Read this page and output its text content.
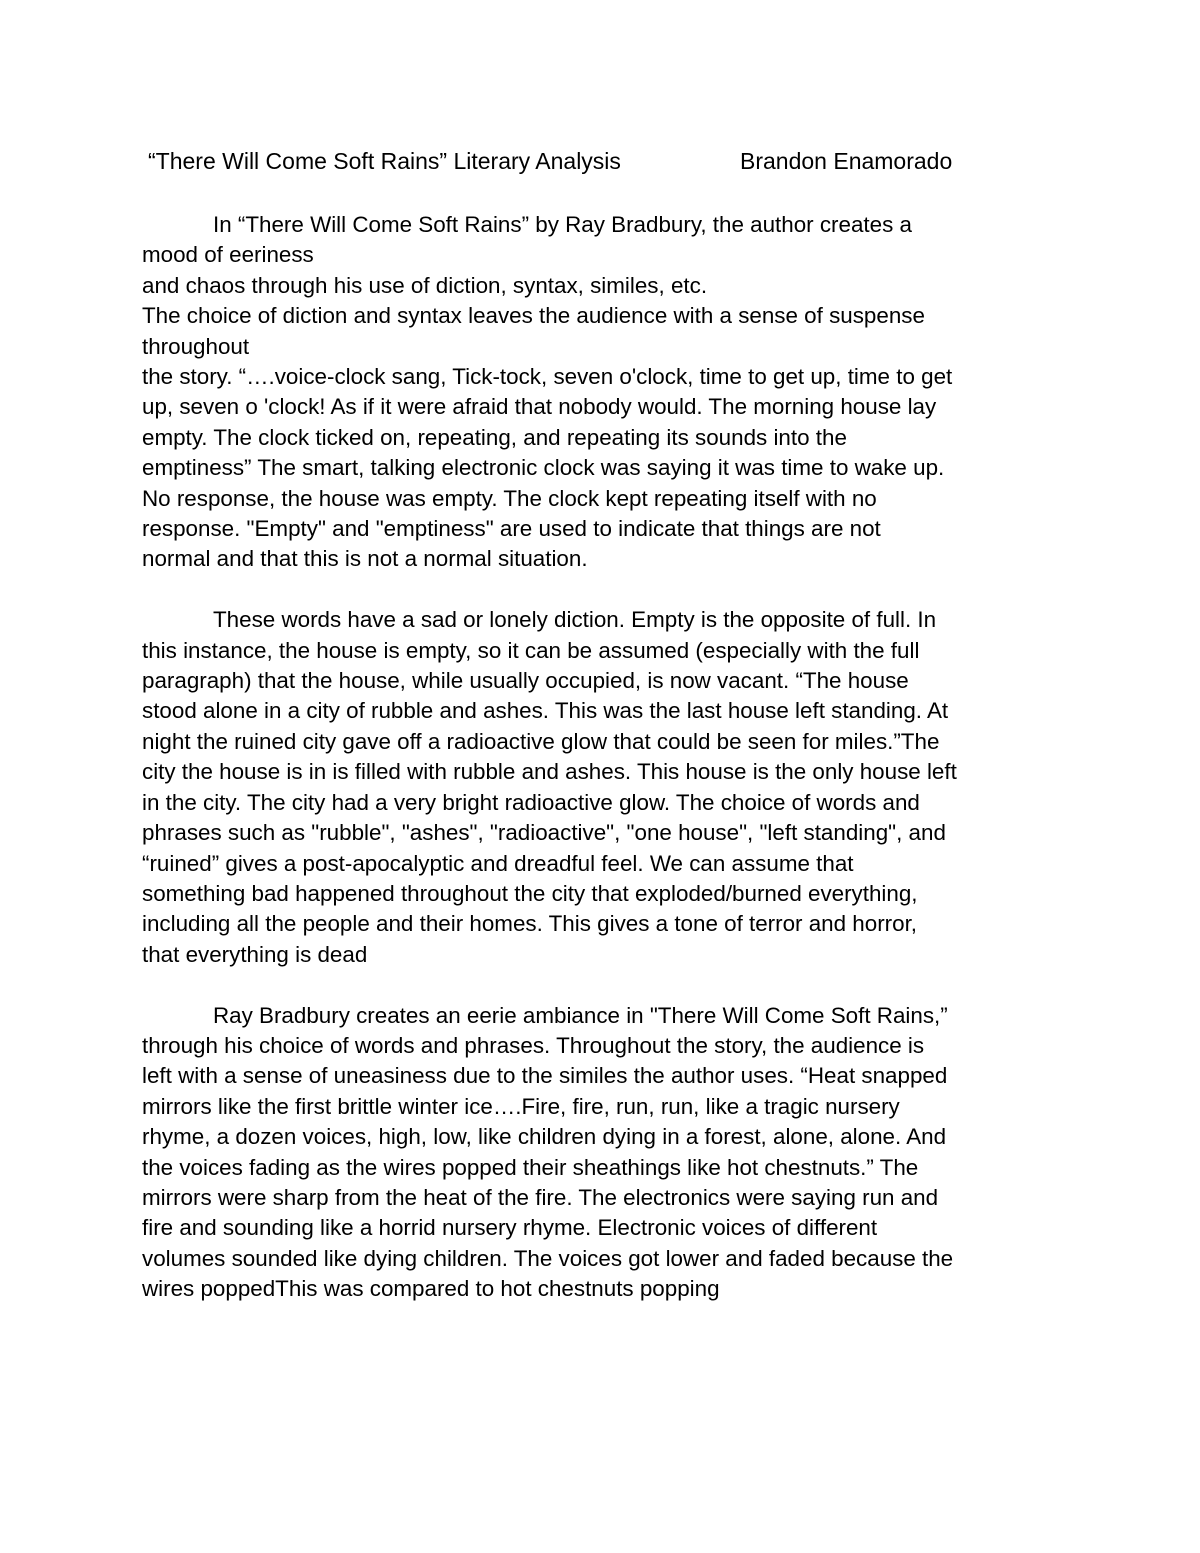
“There Will Come Soft Rains” Literary Analysis	Brandon Enamorado

In “There Will Come Soft Rains” by Ray Bradbury, the author creates a
mood of eeriness
and chaos through his use of diction, syntax, similes, etc.
The choice of diction and syntax leaves the audience with a sense of suspense
throughout
the story. “….voice-clock sang, Tick-tock, seven o'clock, time to get up, time to get
up, seven o 'clock! As if it were afraid that nobody would. The morning house lay
empty. The clock ticked on, repeating, and repeating its sounds into the
emptiness” The smart, talking electronic clock was saying it was time to wake up.
No response, the house was empty. The clock kept repeating itself with no
response. "Empty" and "emptiness" are used to indicate that things are not
normal and that this is not a normal situation.

These words have a sad or lonely diction. Empty is the opposite of full. In
this instance, the house is empty, so it can be assumed (especially with the full
paragraph) that the house, while usually occupied, is now vacant. “The house
stood alone in a city of rubble and ashes. This was the last house left standing. At
night the ruined city gave off a radioactive glow that could be seen for miles.”The
city the house is in is filled with rubble and ashes. This house is the only house left
in the city. The city had a very bright radioactive glow. The choice of words and
phrases such as "rubble", "ashes", "radioactive", "one house", "left standing", and
“ruined” gives a post-apocalyptic and dreadful feel. We can assume that
something bad happened throughout the city that exploded/burned everything,
including all the people and their homes. This gives a tone of terror and horror,
that everything is dead

Ray Bradbury creates an eerie ambiance in "There Will Come Soft Rains,”
through his choice of words and phrases. Throughout the story, the audience is
left with a sense of uneasiness due to the similes the author uses. “Heat snapped
mirrors like the first brittle winter ice….Fire, fire, run, run, like a tragic nursery
rhyme, a dozen voices, high, low, like children dying in a forest, alone, alone. And
the voices fading as the wires popped their sheathings like hot chestnuts.” The
mirrors were sharp from the heat of the fire. The electronics were saying run and
fire and sounding like a horrid nursery rhyme. Electronic voices of different
volumes sounded like dying children. The voices got lower and faded because the
wires poppedThis was compared to hot chestnuts popping
